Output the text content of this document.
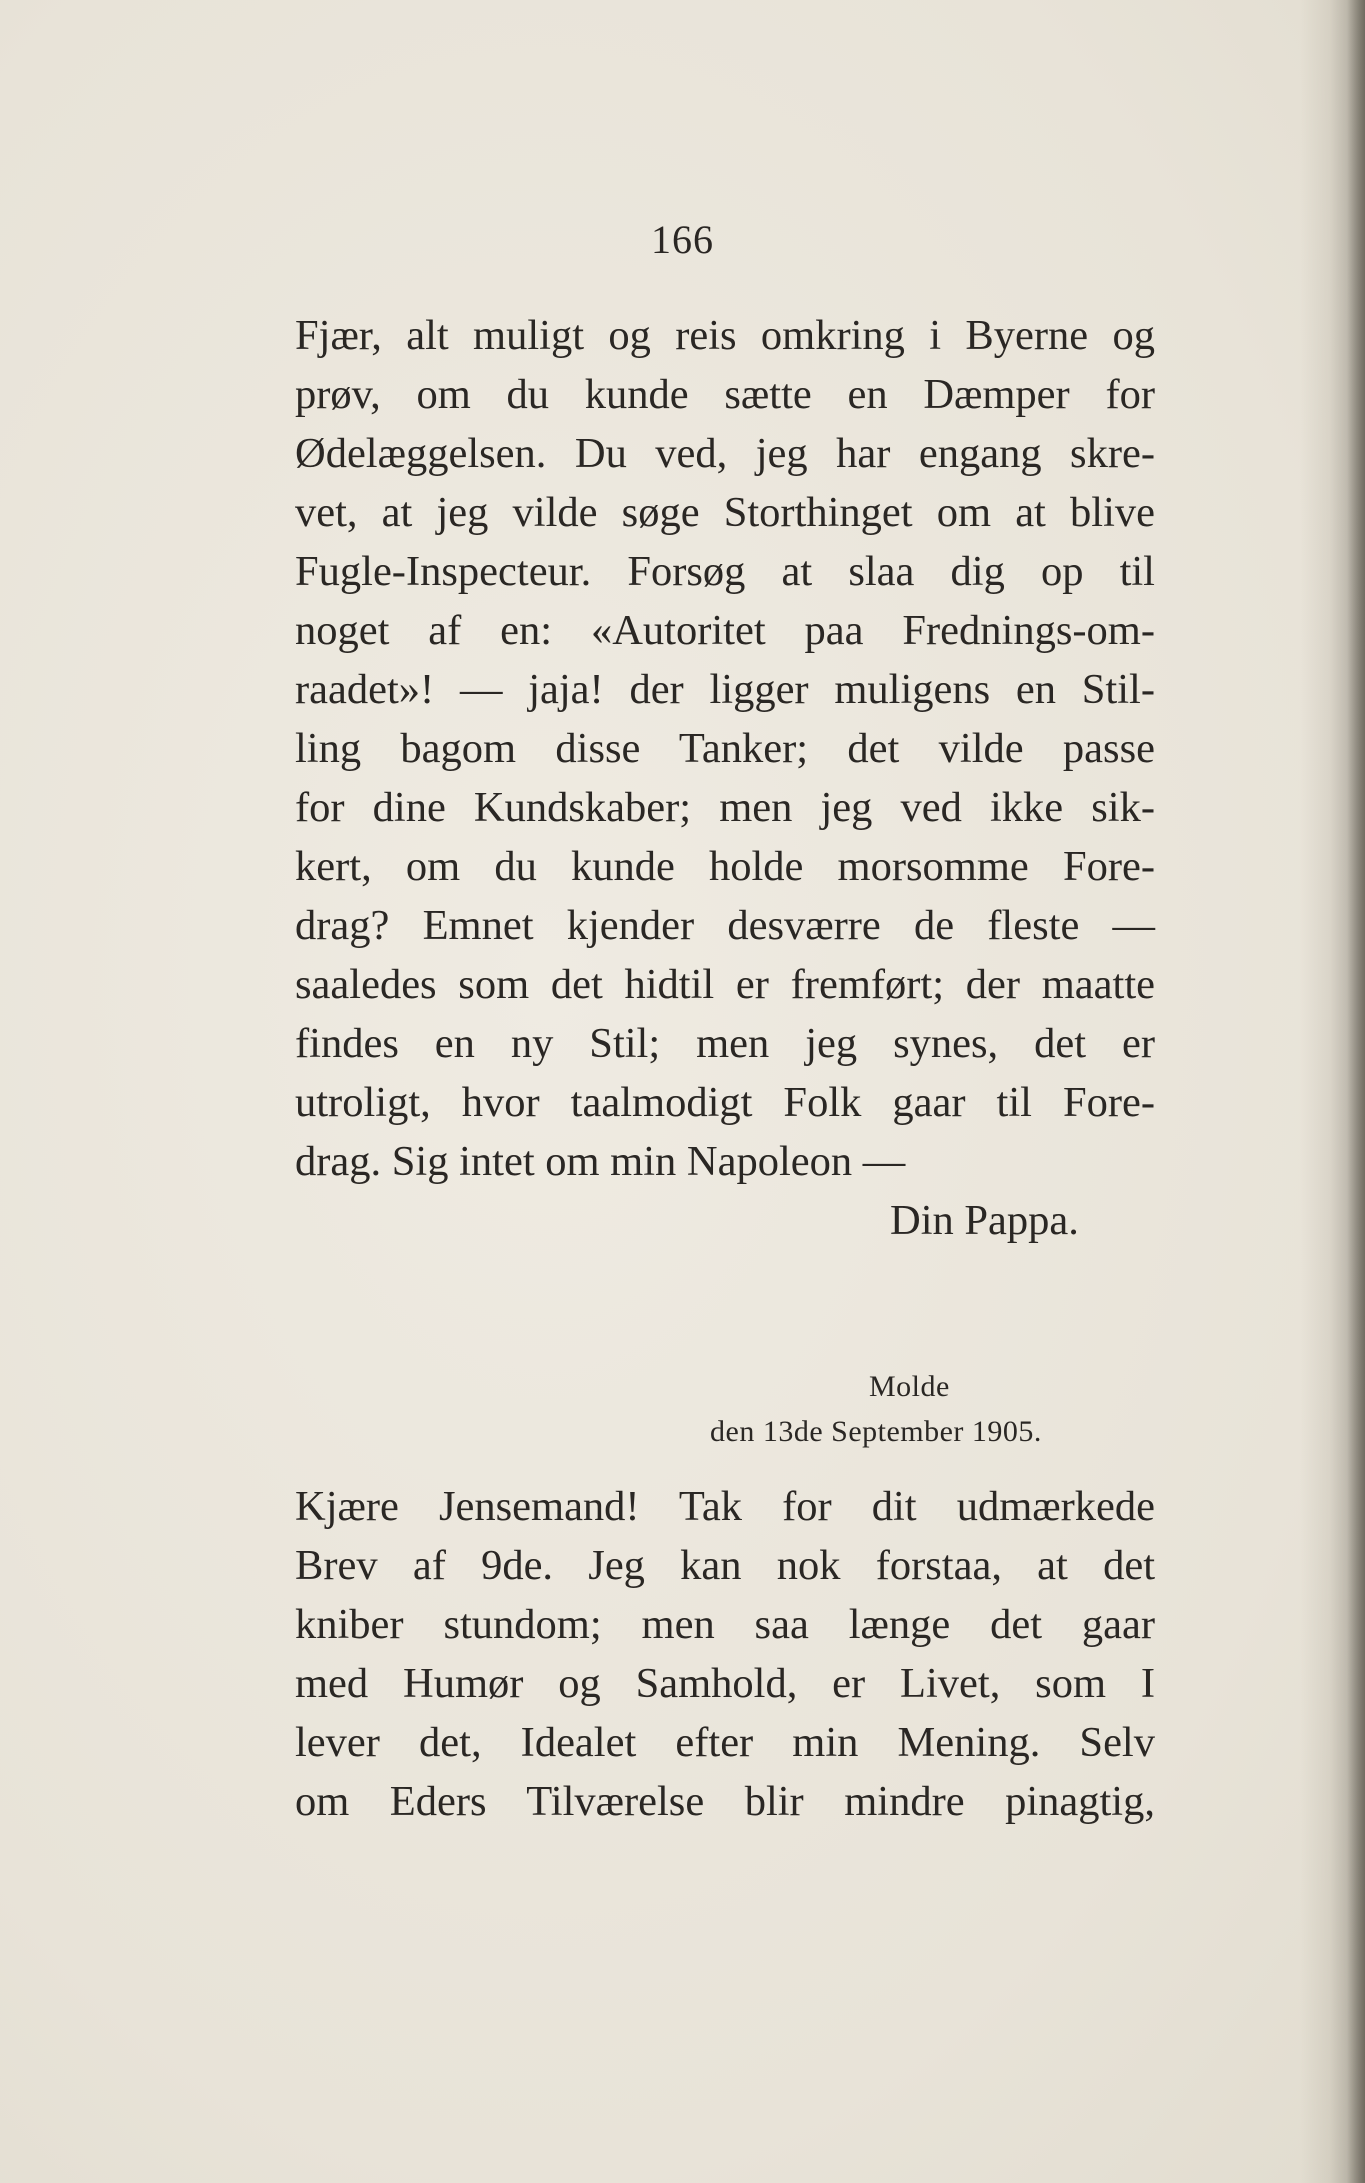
166
Fjær, alt muligt og reis omkring i Byerne og
prøv, om du kunde sætte en Dæmper for
Ødelæggelsen. Du ved, jeg har engang skre-
vet, at jeg vilde søge Storthinget om at blive
Fugle-Inspecteur. Forsøg at slaa dig op til
noget af en: «Autoritet paa Frednings-om-
raadet»! — jaja! der ligger muligens en Stil-
ling bagom disse Tanker; det vilde passe
for dine Kundskaber; men jeg ved ikke sik-
kert, om du kunde holde morsomme Fore-
drag? Emnet kjender desværre de fleste —
saaledes som det hidtil er fremført; der maatte
findes en ny Stil; men jeg synes, det er
utroligt, hvor taalmodigt Folk gaar til Fore-
drag. Sig intet om min Napoleon —
Din Pappa.
Molde
den 13de September 1905.
Kjære Jensemand! Tak for dit udmærkede
Brev af 9de. Jeg kan nok forstaa, at det
kniber stundom; men saa længe det gaar
med Humør og Samhold, er Livet, som I
lever det, Idealet efter min Mening. Selv
om Eders Tilværelse blir mindre pinagtig,
